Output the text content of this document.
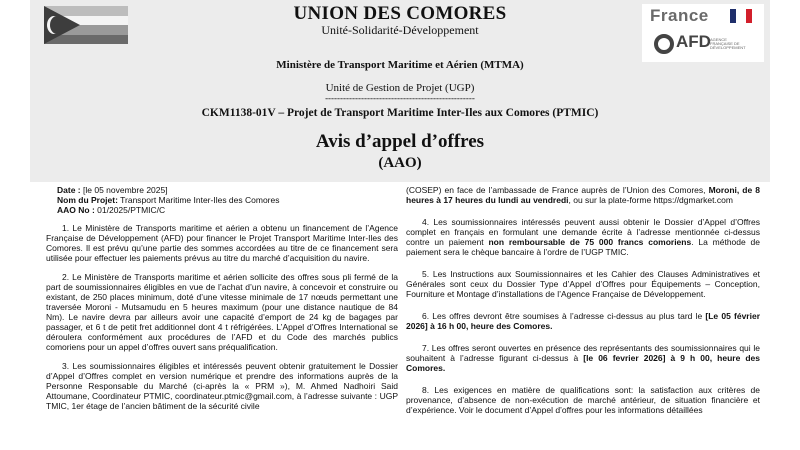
UNION DES COMORES
Unité-Solidarité-Développement
Ministère de Transport Maritime et Aérien (MTMA)
Unité de Gestion de Projet (UGP)
--------------------------------------------------
CKM1138-01V – Projet de Transport Maritime Inter-Iles aux Comores (PTMIC)
Avis d’appel d’offres
(AAO)
France
AFD AGENCE FRANÇAISE DE DÉVELOPPEMENT
Date : [le 05 novembre 2025]
Nom du Projet: Transport Maritime Inter-Iles des Comores
AAO No : 01/2025/PTMIC/C

1. Le Ministère de Transports maritime et aérien a obtenu un financement de l’Agence Française de Développement (AFD) pour financer le Projet Transport Maritime Inter-Iles des Comores. Il est prévu qu’une partie des sommes accordées au titre de ce financement sera utilisée pour effectuer les paiements prévus au titre du marché d’acquisition du navire.

2. Le Ministère de Transports maritime et aérien sollicite des offres sous pli fermé de la part de soumissionnaires éligibles en vue de l’achat d’un navire, à concevoir et construire ou existant, de 250 places minimum, doté d’une vitesse minimale de 17 nœuds permettant une traversée Moroni - Mutsamudu en 5 heures maximum (pour une distance nautique de 84 Nm). Le navire devra par ailleurs avoir une capacité d’emport de 24 kg de bagages par passager, et 6 t de petit fret additionnel dont 4 t réfrigérées. L’Appel d’Offres International se déroulera conformément aux procédures de l’AFD et du Code des marchés publics comoriens pour un appel d’offres ouvert sans préqualification.

3. Les soumissionnaires éligibles et intéressés peuvent obtenir gratuitement le Dossier d’Appel d’Offres complet en version numérique et prendre des informations auprès de la Personne Responsable du Marché (ci-après la « PRM »), M. Ahmed Nadhoiri Said Attoumane, Coordinateur PTMIC, coordinateur.ptmic@gmail.com, à l’adresse suivante : UGP TMIC, 1er étage de l’ancien bâtiment de la sécurité civile

(COSEP) en face de l’ambassade de France auprès de l’Union des Comores, Moroni, de 8 heures à 17 heures du lundi au vendredi, ou sur la plate-forme https://dgmarket.com

4. Les soumissionnaires intéressés peuvent aussi obtenir le Dossier d’Appel d’Offres complet en français en formulant une demande écrite à l’adresse mentionnée ci-dessus contre un paiement non remboursable de 75 000 francs comoriens. La méthode de paiement sera le chèque bancaire à l’ordre de l’UGP TMIC.

5. Les Instructions aux Soumissionnaires et les Cahier des Clauses Administratives et Générales sont ceux du Dossier Type d’Appel d’Offres pour Équipements – Conception, Fourniture et Montage d’installations de l’Agence Française de Développement.

6. Les offres devront être soumises à l’adresse ci-dessus au plus tard le [Le 05 février 2026] à 16 h 00, heure des Comores.

7. Les offres seront ouvertes en présence des représentants des soumissionnaires qui le souhaitent à l’adresse figurant ci-dessus à [le 06 fevrier 2026] à 9 h 00, heure des Comores.

8. Les exigences en matière de qualifications sont: la satisfaction aux critères de provenance, d’absence de non-exécution de marché antérieur, de situation financière et d’expérience. Voir le document d’Appel d’offres pour les informations détaillées
